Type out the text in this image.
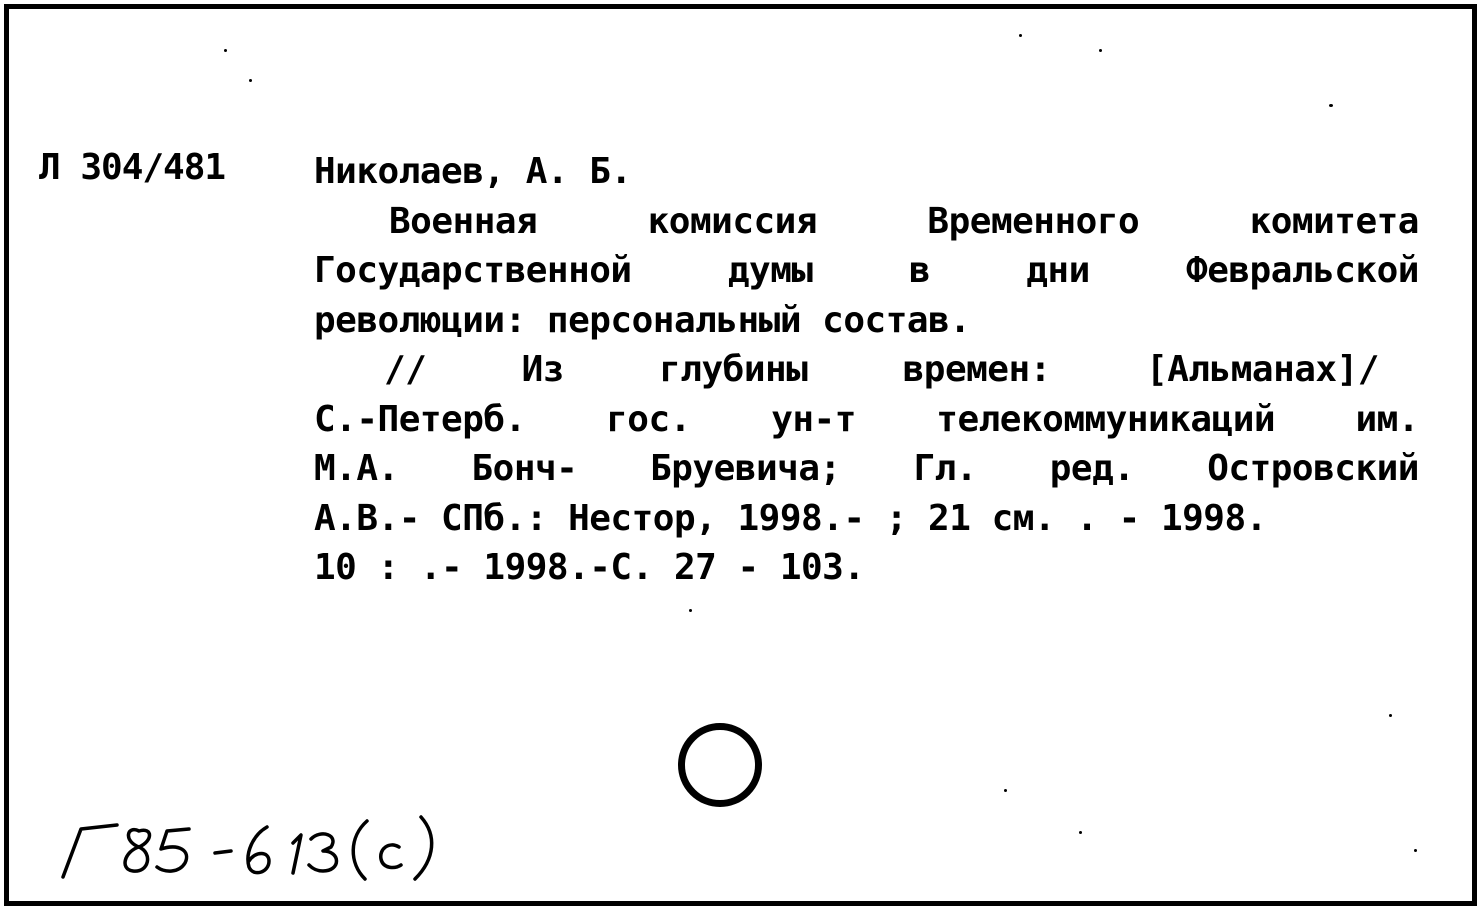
Л 304/481 Николаев, А. Б.
Военная	комиссия	Временного	комитета
Государственной	думы	в	дни	Февральской
революции: персональный состав.
//	Из	глубины	времен:	[Альманах]/
С.-Петерб. гос. ун-т телекоммуникаций им.
М.А. Бонч- Бруевича; Гл. ред. Островский
А.В.- СПб.: Нестор, 1998.- ; 21 см. . - 1998.
10 : .- 1998.-С. 27 - 103.
